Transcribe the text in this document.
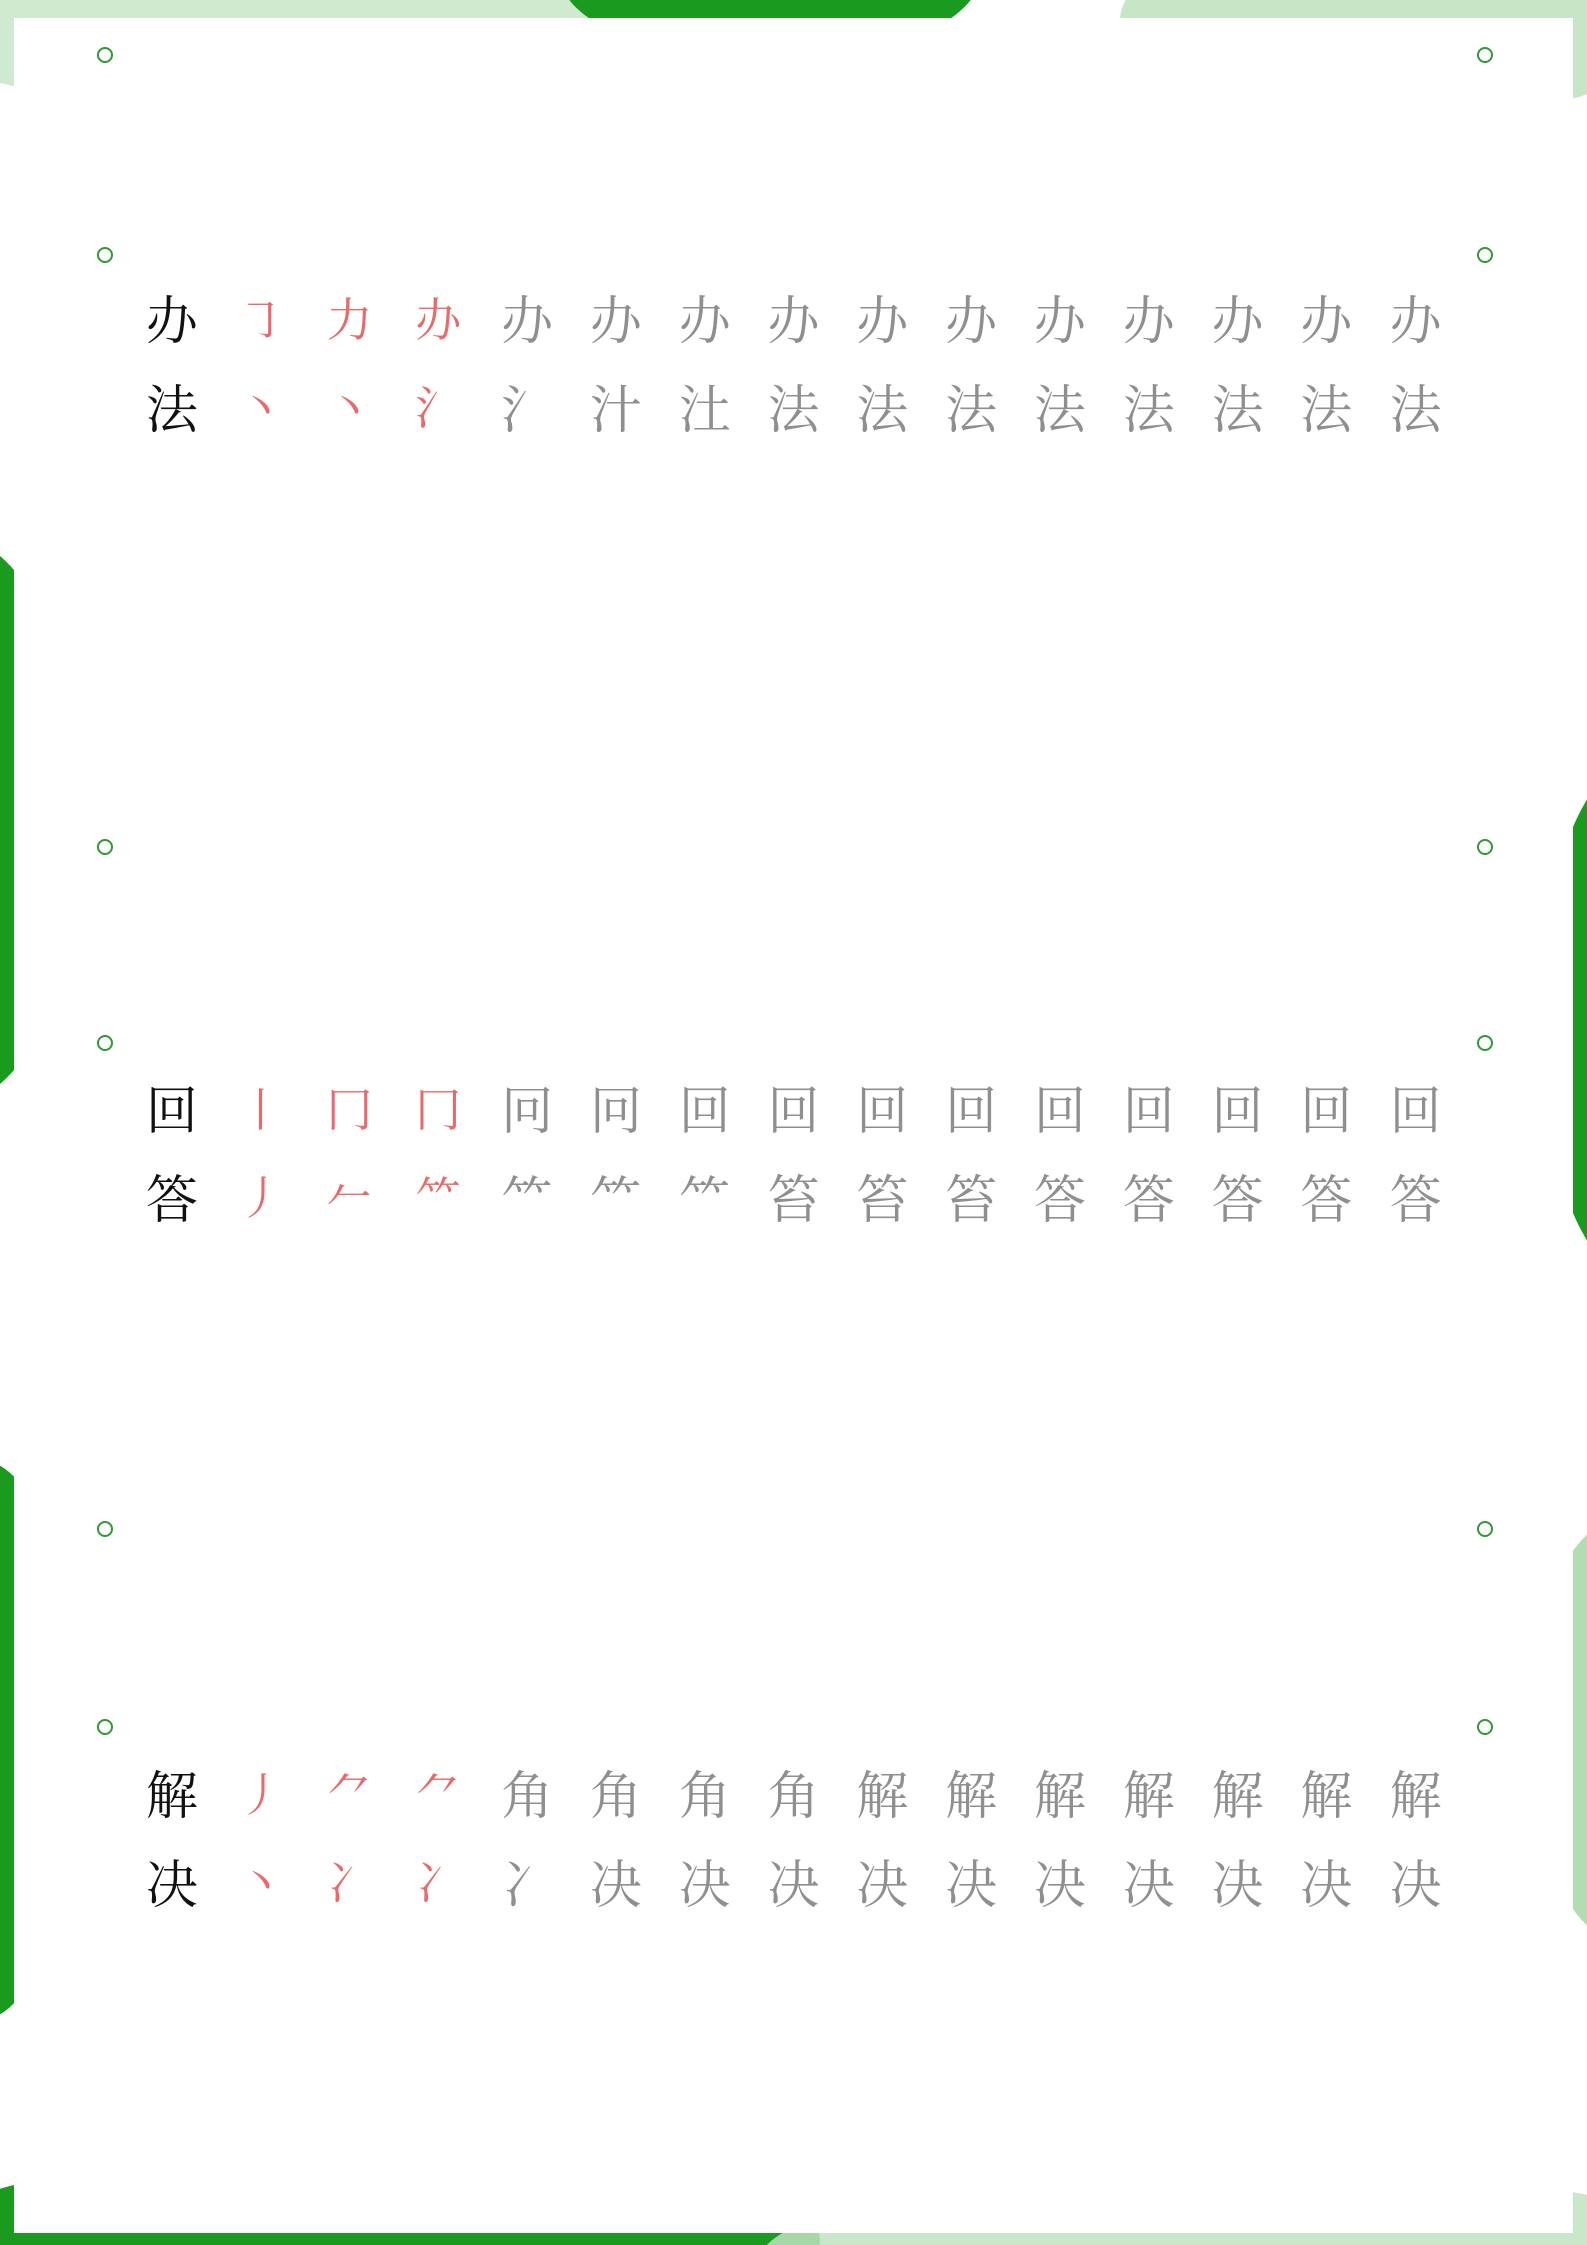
办 ㇆ 力 办 办 办 办 办 办 办 办 办 办 办 办
法 丶 丶 氵 氵 汁 汢 法 法 法 法 法 法 法 法
回 丨 冂 冂 冋 冋 回 回 回 回 回 回 回 回 回
答 丿 𠂉 ⺮ ⺮ ⺮ ⺮ 笞 笞 笞 答 答 答 答 答
解 丿 ⺈ ⺈ 角 角 角 角 解 解 解 解 解 解 解
决 丶 冫 冫 冫 决 决 决 决 决 决 决 决 决 决
